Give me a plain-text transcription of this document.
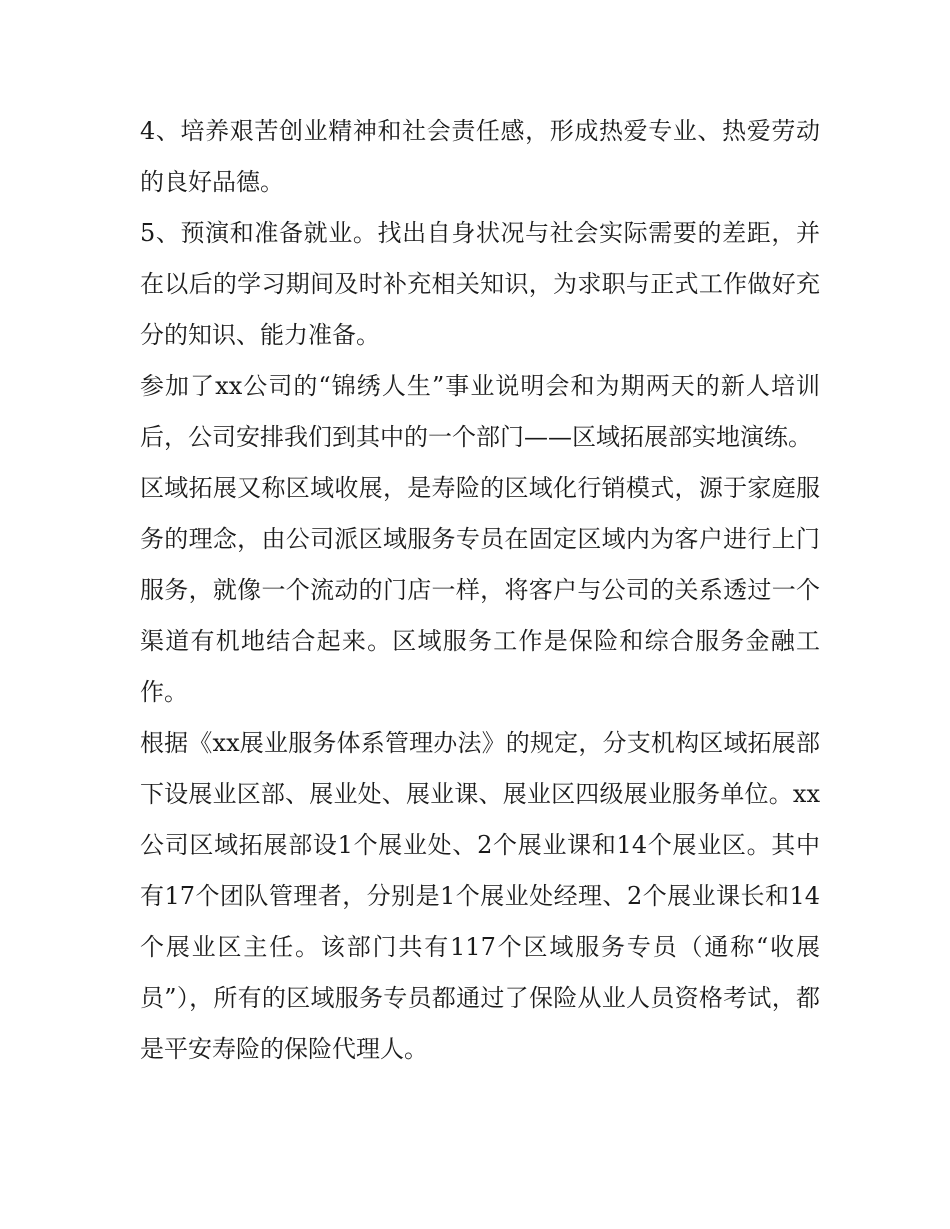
4、培养艰苦创业精神和社会责任感，形成热爱专业、热爱劳动的良好品德。

5、预演和准备就业。找出自身状况与社会实际需要的差距，并在以后的学习期间及时补充相关知识，为求职与正式工作做好充分的知识、能力准备。

参加了xx公司的“锦绣人生”事业说明会和为期两天的新人培训后，公司安排我们到其中的一个部门——区域拓展部实地演练。

区域拓展又称区域收展，是寿险的区域化行销模式，源于家庭服务的理念，由公司派区域服务专员在固定区域内为客户进行上门服务，就像一个流动的门店一样，将客户与公司的关系透过一个渠道有机地结合起来。区域服务工作是保险和综合服务金融工作。

根据《xx展业服务体系管理办法》的规定，分支机构区域拓展部下设展业区部、展业处、展业课、展业区四级展业服务单位。xx公司区域拓展部设1个展业处、2个展业课和14个展业区。其中有17个团队管理者，分别是1个展业处经理、2个展业课长和14个展业区主任。该部门共有117个区域服务专员（通称“收展员”），所有的区域服务专员都通过了保险从业人员资格考试，都是平安寿险的保险代理人。
